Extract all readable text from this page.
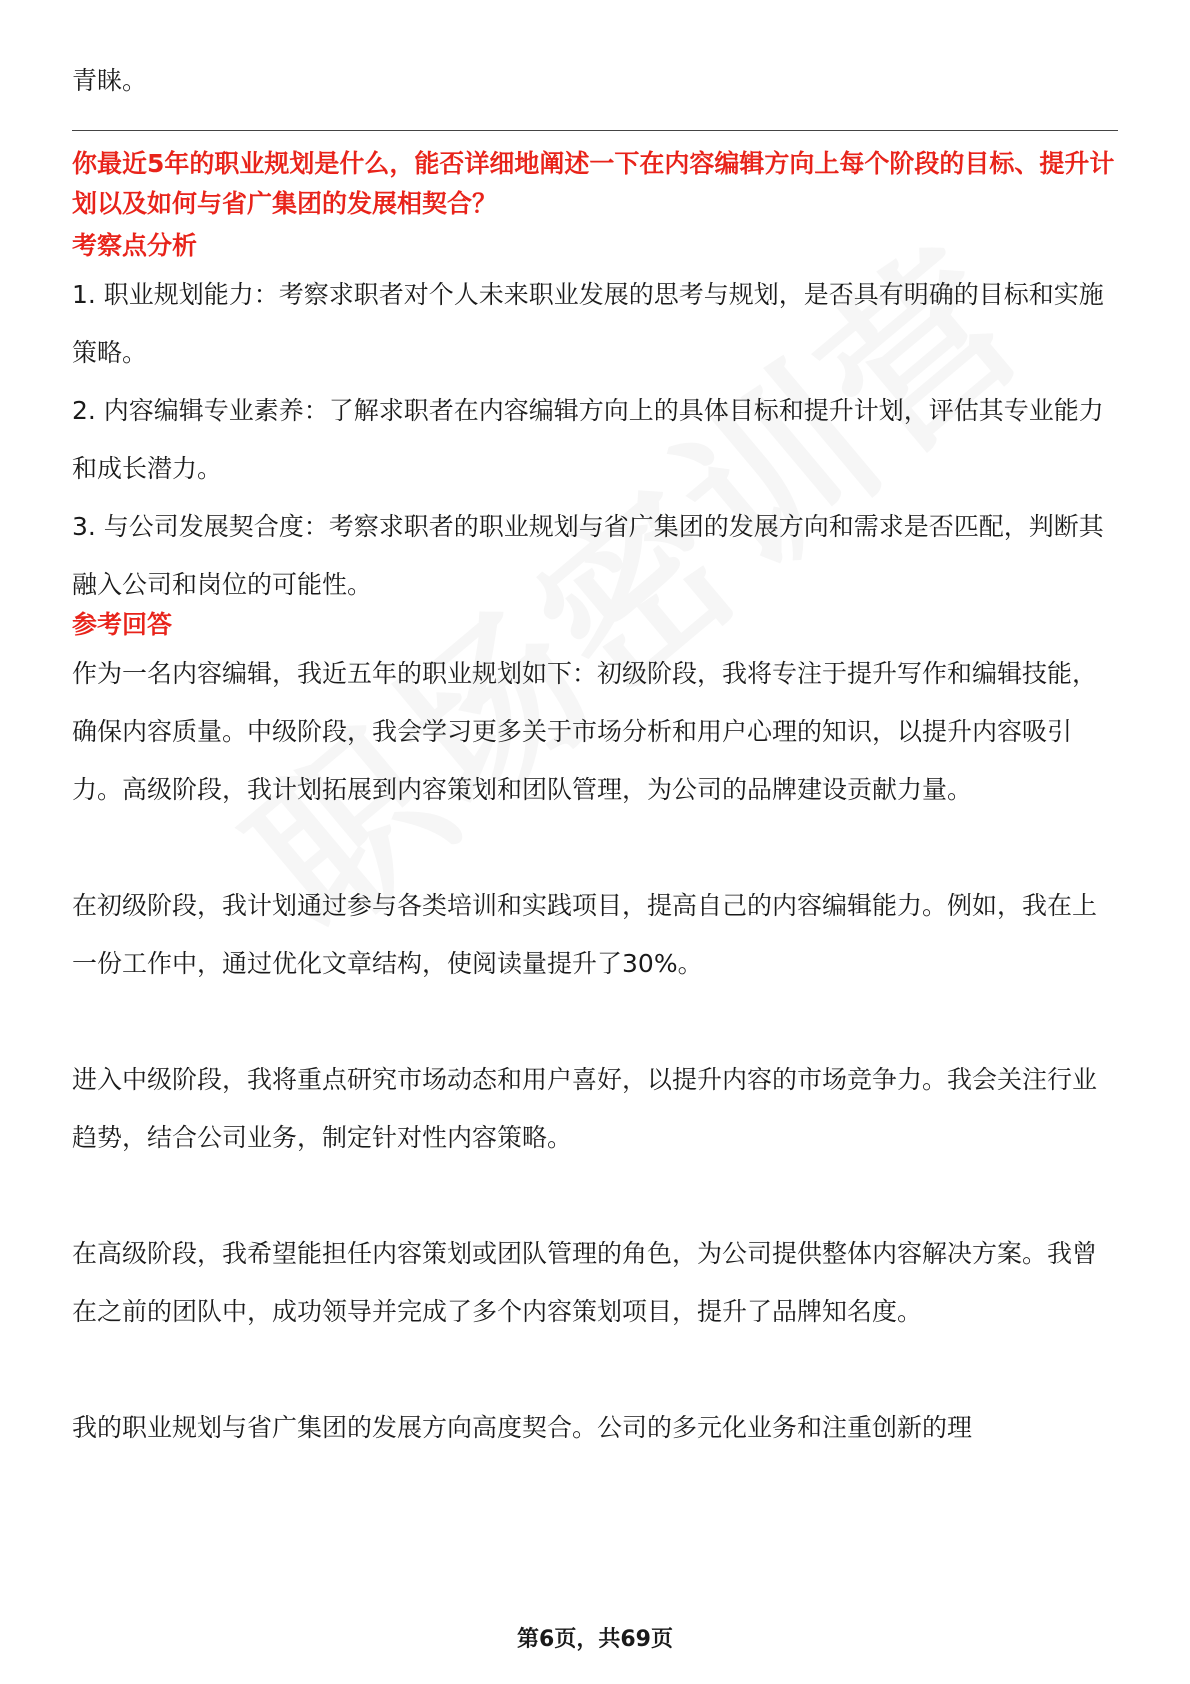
青睐。

你最近5年的职业规划是什么，能否详细地阐述一下在内容编辑方向上每个阶段的目标、提升计划以及如何与省广集团的发展相契合？

考察点分析

1. 职业规划能力：考察求职者对个人未来职业发展的思考与规划，是否具有明确的目标和实施策略。

2. 内容编辑专业素养：了解求职者在内容编辑方向上的具体目标和提升计划，评估其专业能力和成长潜力。

3. 与公司发展契合度：考察求职者的职业规划与省广集团的发展方向和需求是否匹配，判断其融入公司和岗位的可能性。

参考回答

作为一名内容编辑，我近五年的职业规划如下：初级阶段，我将专注于提升写作和编辑技能，确保内容质量。中级阶段，我会学习更多关于市场分析和用户心理的知识，以提升内容吸引力。高级阶段，我计划拓展到内容策划和团队管理，为公司的品牌建设贡献力量。

在初级阶段，我计划通过参与各类培训和实践项目，提高自己的内容编辑能力。例如，我在上一份工作中，通过优化文章结构，使阅读量提升了30%。

进入中级阶段，我将重点研究市场动态和用户喜好，以提升内容的市场竞争力。我会关注行业趋势，结合公司业务，制定针对性内容策略。

在高级阶段，我希望能担任内容策划或团队管理的角色，为公司提供整体内容解决方案。我曾在之前的团队中，成功领导并完成了多个内容策划项目，提升了品牌知名度。

我的职业规划与省广集团的发展方向高度契合。公司的多元化业务和注重创新的理

第6页，共69页
